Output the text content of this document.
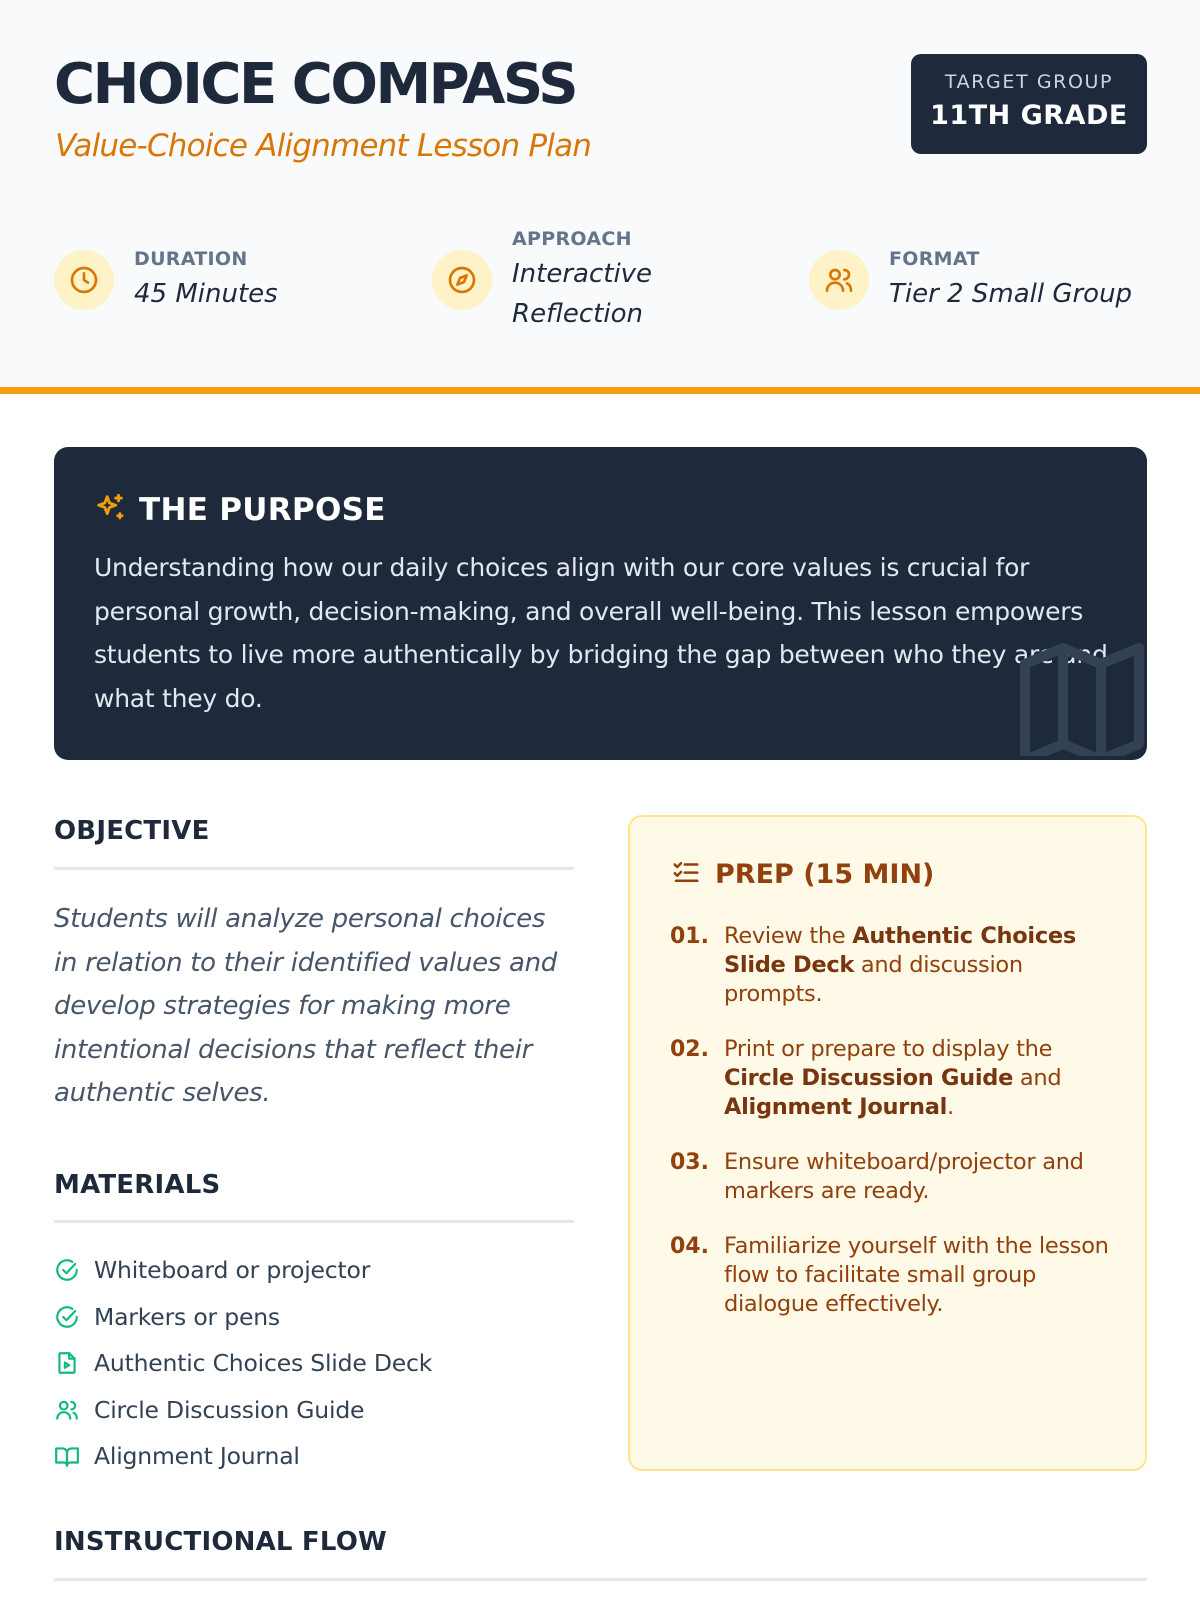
CHOICE COMPASS
Value-Choice Alignment Lesson Plan
TARGET GROUP
11TH GRADE
DURATION
45 Minutes
APPROACH
Interactive
Reflection
FORMAT
Tier 2 Small Group
THE PURPOSE
Understanding how our daily choices align with our core values is crucial for personal growth, decision-making, and overall well-being. This lesson empowers students to live more authentically by bridging the gap between who they are and what they do.
OBJECTIVE
Students will analyze personal choices in relation to their identified values and develop strategies for making more intentional decisions that reflect their authentic selves.
MATERIALS
Whiteboard or projector
Markers or pens
Authentic Choices Slide Deck
Circle Discussion Guide
Alignment Journal
PREP (15 MIN)
01. Review the Authentic Choices Slide Deck and discussion prompts.
02. Print or prepare to display the Circle Discussion Guide and Alignment Journal.
03. Ensure whiteboard/projector and markers are ready.
04. Familiarize yourself with the lesson flow to facilitate small group dialogue effectively.
INSTRUCTIONAL FLOW
